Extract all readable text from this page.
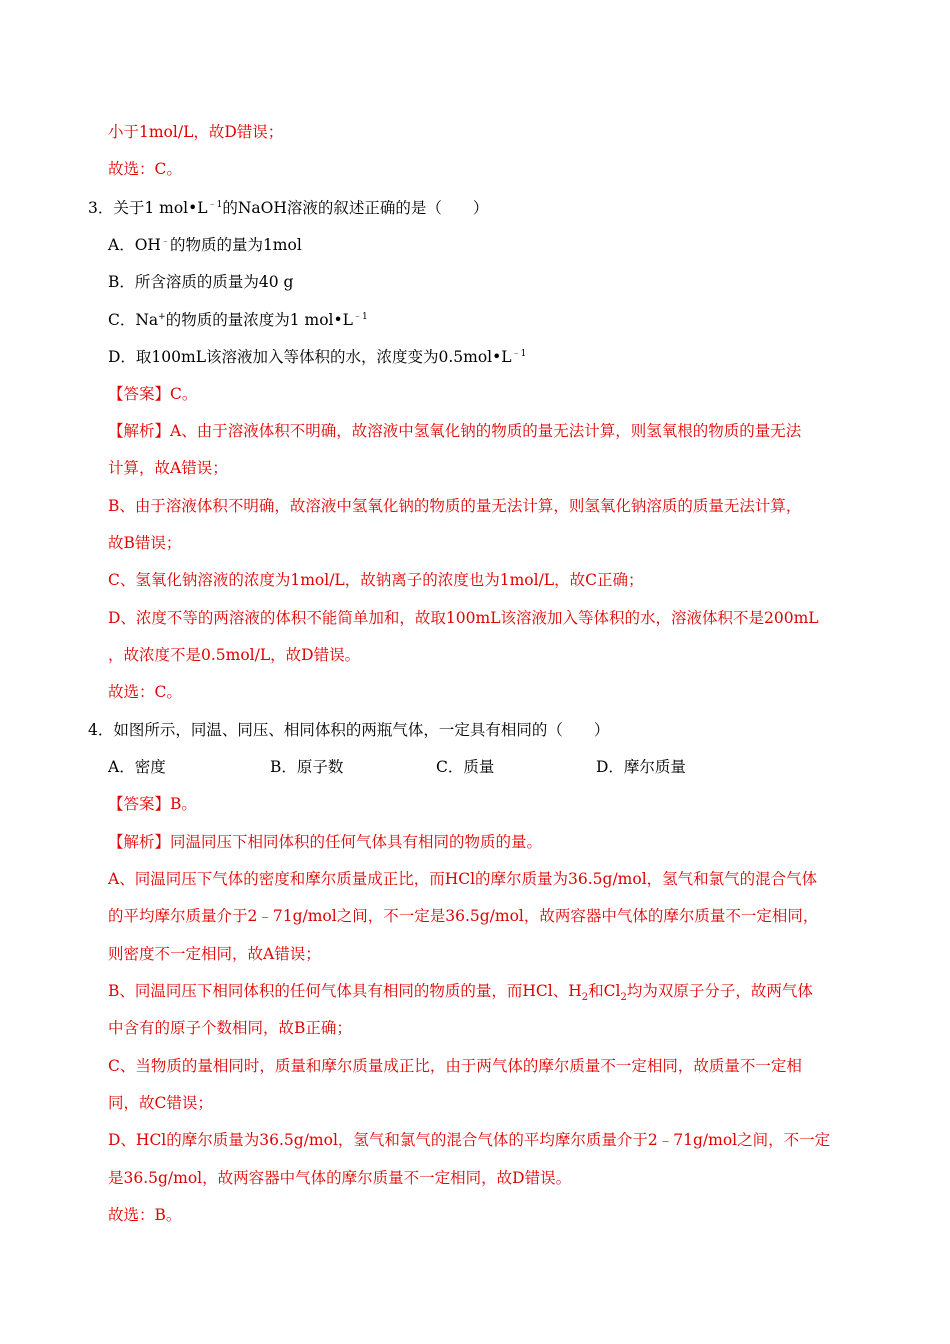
小于1mol/L，故D错误；
故选：C。
3．关于1 $mol•L^{﹣1}$的NaOH溶液的叙述正确的是（　　）
A．OH﹣的物质的量为1mol
B．所含溶质的质量为40 g
C．Na+的物质的量浓度为1 $mol•L^{﹣1}$
D．取100mL该溶液加入等体积的水，浓度变为$0.5mol•L^{﹣1}$
【答案】C。
【解析】A、由于溶液体积不明确，故溶液中氢氧化钠的物质的量无法计算，则氢氧根的物质的量无法
计算，故A错误；
B、由于溶液体积不明确，故溶液中氢氧化钠的物质的量无法计算，则氢氧化钠溶质的质量无法计算，
故B错误；
C、氢氧化钠溶液的浓度为1mol/L，故钠离子的浓度也为1mol/L，故C正确；
D、浓度不等的两溶液的体积不能简单加和，故取100mL该溶液加入等体积的水，溶液体积不是200mL
，故浓度不是0.5mol/L，故D错误。
故选：C。
4．如图所示，同温、同压、相同体积的两瓶气体，一定具有相同的（　　）
A．密度	B．原子数	C．质量	D．摩尔质量
【答案】B。
【解析】同温同压下相同体积的任何气体具有相同的物质的量。
A、同温同压下气体的密度和摩尔质量成正比，而HCl的摩尔质量为36.5g/mol，氢气和氯气的混合气体
的平均摩尔质量介于2﹣71g/mol之间，不一定是36.5g/mol，故两容器中气体的摩尔质量不一定相同，
则密度不一定相同，故A错误；
B、同温同压下相同体积的任何气体具有相同的物质的量，而HCl、$H_2$和$Cl_2$均为双原子分子，故两气体
中含有的原子个数相同，故B正确；
C、当物质的量相同时，质量和摩尔质量成正比，由于两气体的摩尔质量不一定相同，故质量不一定相
同，故C错误；
D、HCl的摩尔质量为36.5g/mol，氢气和氯气的混合气体的平均摩尔质量介于2﹣71g/mol之间，不一定
是36.5g/mol，故两容器中气体的摩尔质量不一定相同，故D错误。
故选：B。
